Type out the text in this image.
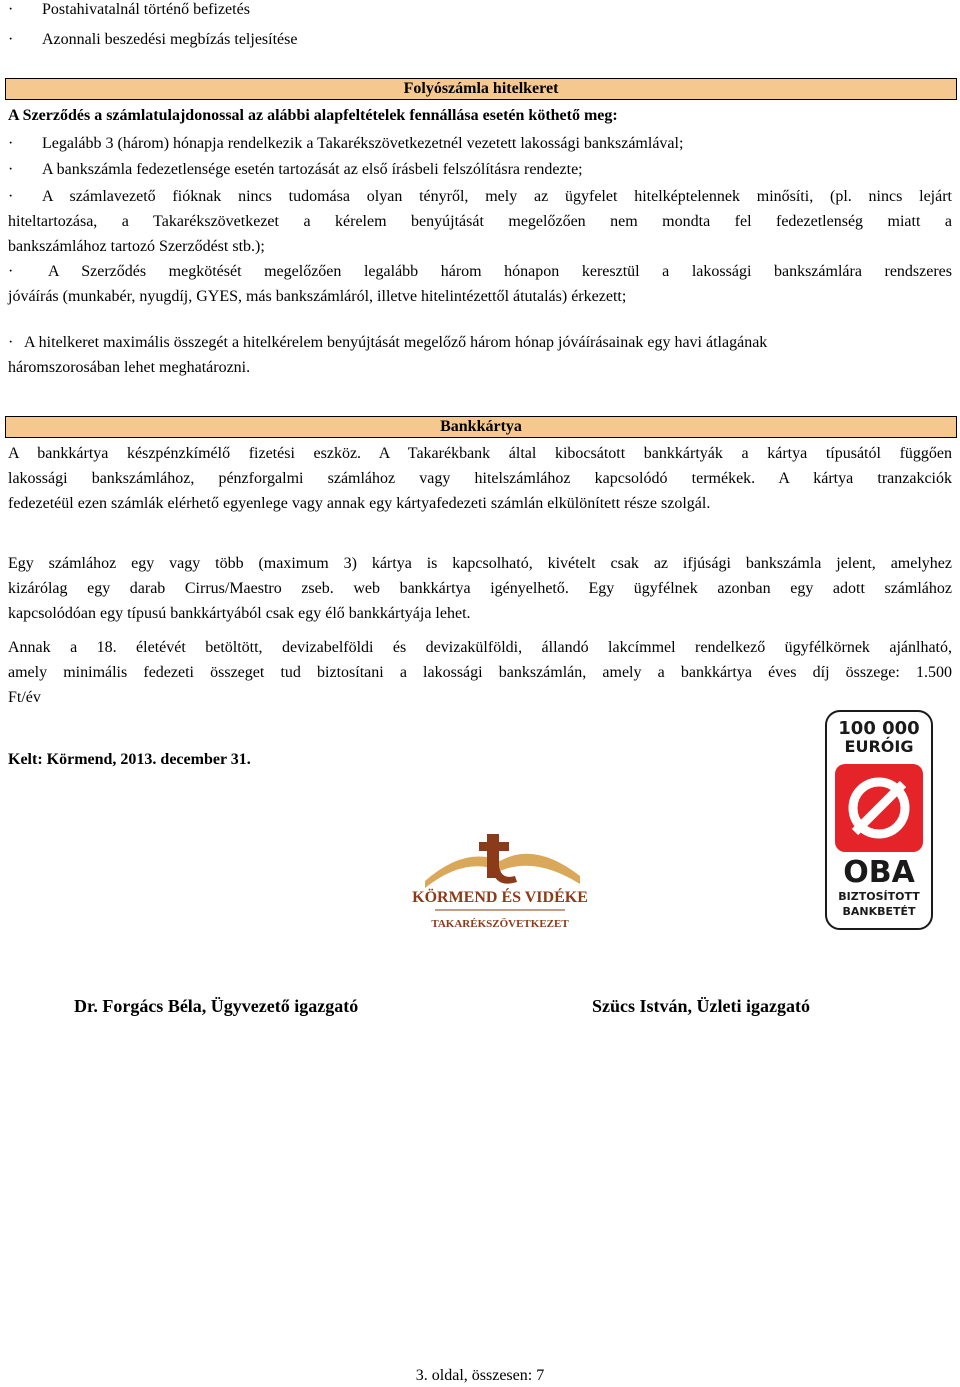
· Postahivatalnál történő befizetés
· Azonnali beszedési megbízás teljesítése
Folyószámla hitelkeret
A Szerződés a számlatulajdonossal az alábbi alapfeltételek fennállása esetén köthető meg:
· Legalább 3 (három) hónapja rendelkezik a Takarékszövetkezetnél vezetett lakossági bankszámlával;
· A bankszámla fedezetlensége esetén tartozását az első írásbeli felszólításra rendezte;
· A számlavezető fióknak nincs tudomása olyan tényről, mely az ügyfelet hitelképtelennek minősíti, (pl. nincs lejárt
hiteltartozása, a Takarékszövetkezet a kérelem benyújtását megelőzően nem mondta fel fedezetlenség miatt a
bankszámlához tartozó Szerződést stb.);
· A Szerződés megkötését megelőzően legalább három hónapon keresztül a lakossági bankszámlára rendszeres
jóváírás (munkabér, nyugdíj, GYES, más bankszámláról, illetve hitelintézettől átutalás) érkezett;
· A hitelkeret maximális összegét a hitelkérelem benyújtását megelőző három hónap jóváírásainak egy havi átlagának
háromszorosában lehet meghatározni.
Bankkártya
A bankkártya készpénzkímélő fizetési eszköz. A Takarékbank által kibocsátott bankkártyák a kártya típusától függően
lakossági bankszámlához, pénzforgalmi számlához vagy hitelszámlához kapcsolódó termékek. A kártya tranzakciók
fedezetéül ezen számlák elérhető egyenlege vagy annak egy kártyafedezeti számlán elkülönített része szolgál.
Egy számlához egy vagy több (maximum 3) kártya is kapcsolható, kivételt csak az ifjúsági bankszámla jelent, amelyhez
kizárólag egy darab Cirrus/Maestro zseb. web bankkártya igényelhető. Egy ügyfélnek azonban egy adott számlához
kapcsolódóan egy típusú bankkártyából csak egy élő bankkártyája lehet.
Annak a 18. életévét betöltött, devizabelföldi és devizakülföldi, állandó lakcímmel rendelkező ügyfélkörnek ajánlható,
amely minimális fedezeti összeget tud biztosítani a lakossági bankszámlán, amely a bankkártya éves díj összege: 1.500
Ft/év
Kelt: Körmend, 2013. december 31.
100 000
EURÓIG
OBA
BIZTOSÍTOTT
BANKBETÉT
KÖRMEND ÉS VIDÉKE
TAKARÉKSZÖVETKEZET
Dr. Forgács Béla, Ügyvezető igazgató	Szücs István, Üzleti igazgató
3. oldal, összesen: 7
